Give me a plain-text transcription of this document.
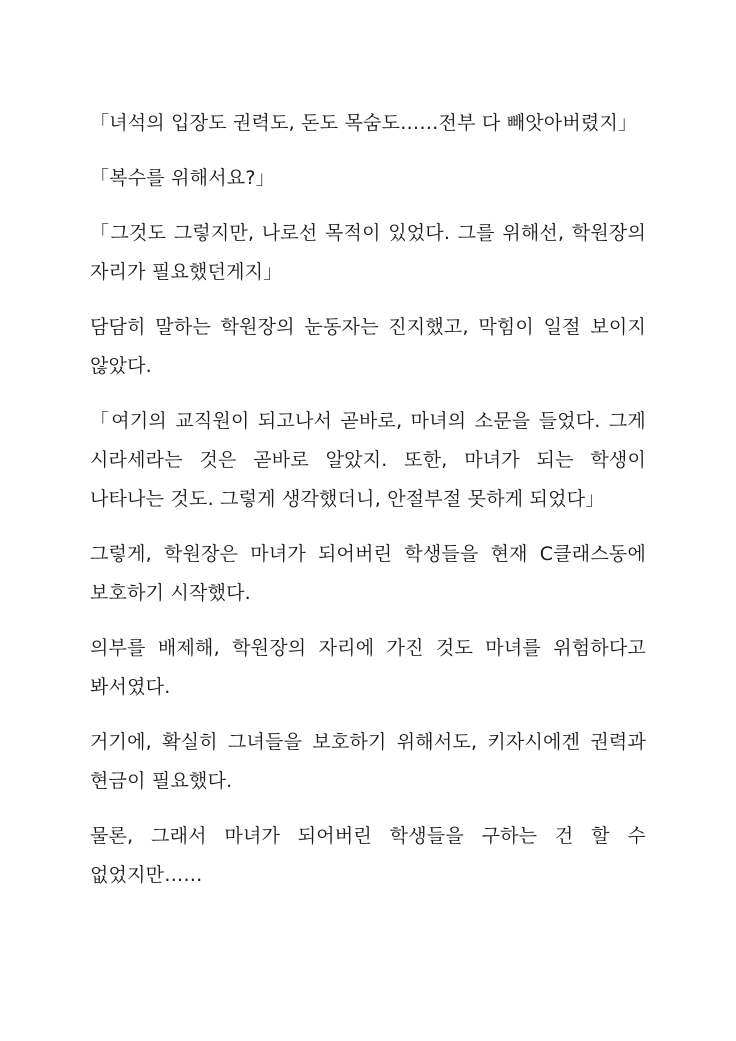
「녀석의 입장도 권력도, 돈도 목숨도……전부 다 빼앗아버렸지」

「복수를 위해서요?」

「그것도 그렇지만, 나로선 목적이 있었다. 그를 위해선, 학원장의 자리가 필요했던게지」

담담히 말하는 학원장의 눈동자는 진지했고, 막힘이 일절 보이지 않았다.

「여기의 교직원이 되고나서 곧바로, 마녀의 소문을 들었다. 그게 시라세라는 것은 곧바로 알았지. 또한, 마녀가 되는 학생이 나타나는 것도. 그렇게 생각했더니, 안절부절 못하게 되었다」

그렇게, 학원장은 마녀가 되어버린 학생들을 현재 C클래스동에 보호하기 시작했다.

의부를 배제해, 학원장의 자리에 가진 것도 마녀를 위험하다고 봐서였다.

거기에, 확실히 그녀들을 보호하기 위해서도, 키자시에겐 권력과 현금이 필요했다.

물론, 그래서 마녀가 되어버린 학생들을 구하는 건 할 수 없었지만……
